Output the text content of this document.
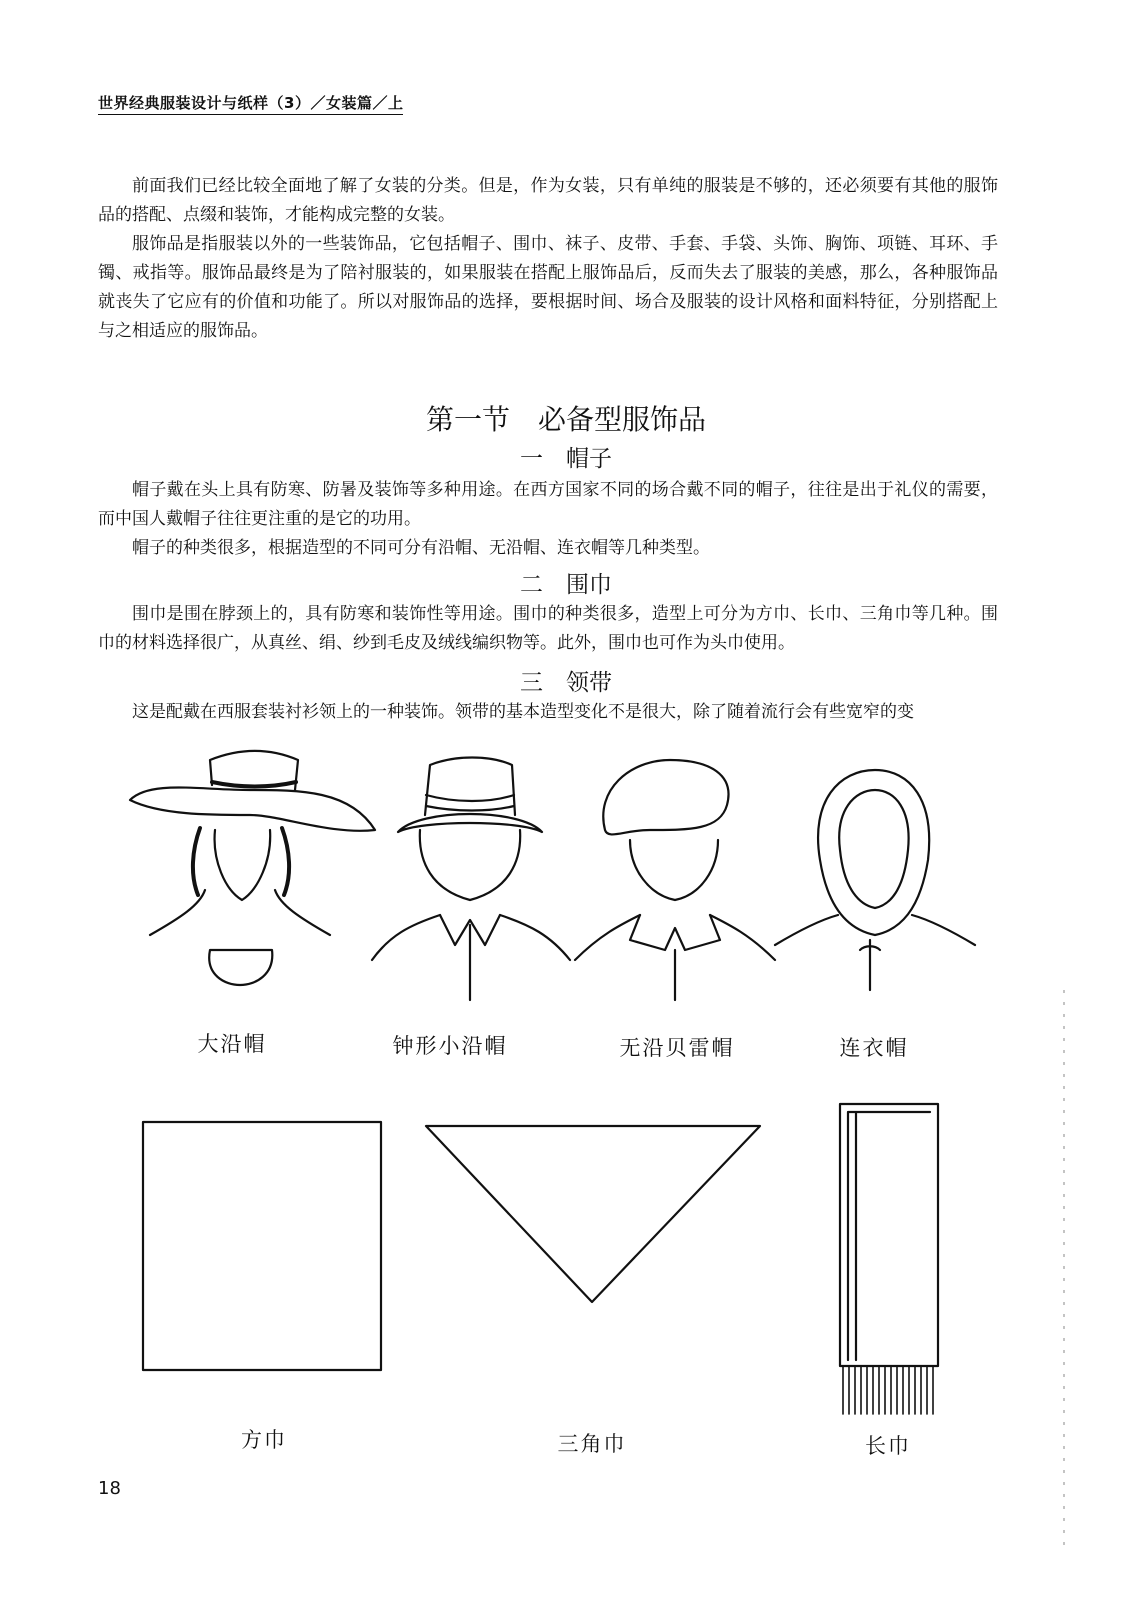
世界经典服装设计与纸样（3）／女装篇／上

前面我们已经比较全面地了解了女装的分类。但是，作为女装，只有单纯的服装是不够的，还必须要有其他的服饰品的搭配、点缀和装饰，才能构成完整的女装。

服饰品是指服装以外的一些装饰品，它包括帽子、围巾、袜子、皮带、手套、手袋、头饰、胸饰、项链、耳环、手镯、戒指等。服饰品最终是为了陪衬服装的，如果服装在搭配上服饰品后，反而失去了服装的美感，那么，各种服饰品就丧失了它应有的价值和功能了。所以对服饰品的选择，要根据时间、场合及服装的设计风格和面料特征，分别搭配上与之相适应的服饰品。

第一节　必备型服饰品
一　帽子

帽子戴在头上具有防寒、防暑及装饰等多种用途。在西方国家不同的场合戴不同的帽子，往往是出于礼仪的需要，而中国人戴帽子往往更注重的是它的功用。

帽子的种类很多，根据造型的不同可分有沿帽、无沿帽、连衣帽等几种类型。

二　围巾

围巾是围在脖颈上的，具有防寒和装饰性等用途。围巾的种类很多，造型上可分为方巾、长巾、三角巾等几种。围巾的材料选择很广，从真丝、绢、纱到毛皮及绒线编织物等。此外，围巾也可作为头巾使用。

三　领带

这是配戴在西服套装衬衫领上的一种装饰。领带的基本造型变化不是很大，除了随着流行会有些宽窄的变

大沿帽	钟形小沿帽	无沿贝雷帽	连衣帽
方巾	三角巾	长巾
18
